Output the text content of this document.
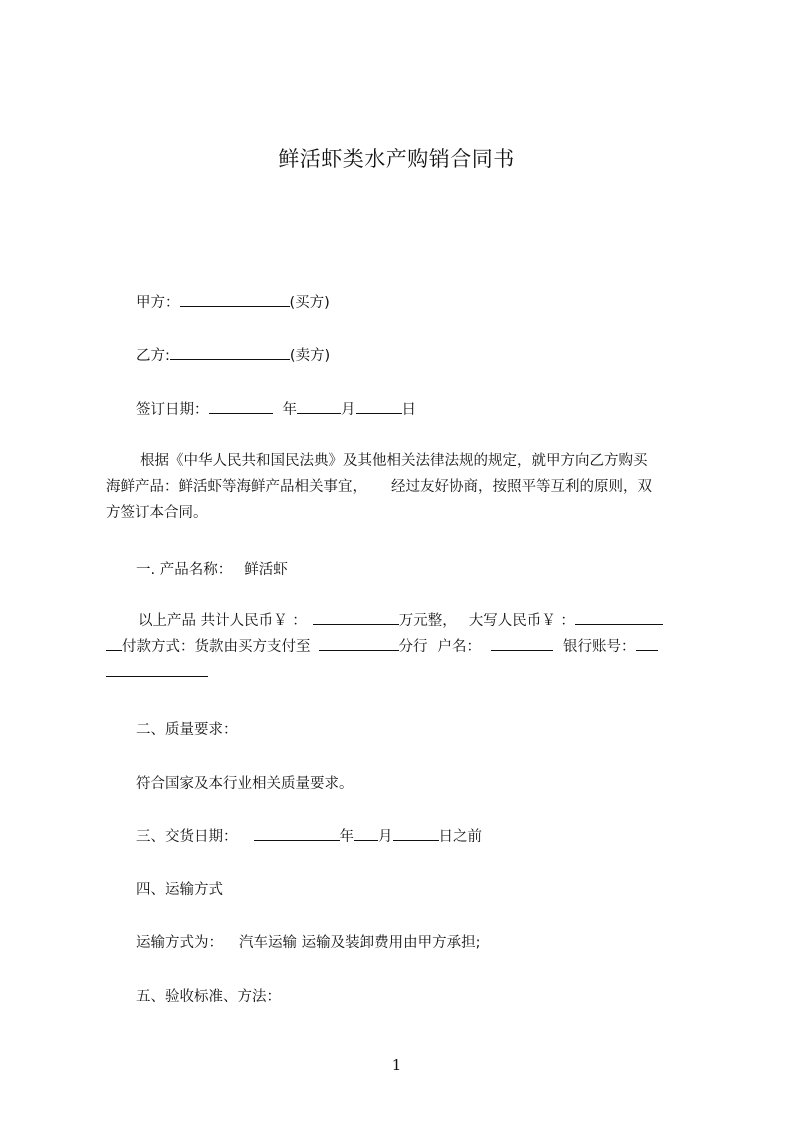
鲜活虾类水产购销合同书
甲方：	(买方)
乙方:	(卖方)
签订日期：	年	月	日
根据《中华人民共和国民法典》及其他相关法律法规的规定，就甲方向乙方购买
海鲜产品：鲜活虾等海鲜产品相关事宜， 经过友好协商，按照平等互利的原则，双
方签订本合同。
一. 产品名称： 鲜活虾
以上产品 共计人民币￥ ：	万元整， 大写人民币￥ ：
付款方式：货款由买方支付至	分行 户名：	银行账号：
二、质量要求：
符合国家及本行业相关质量要求。
三、交货日期：	年 月	日之前
四、运输方式
运输方式为： 汽车运输 运输及装卸费用由甲方承担;
五、验收标准、方法：
1
